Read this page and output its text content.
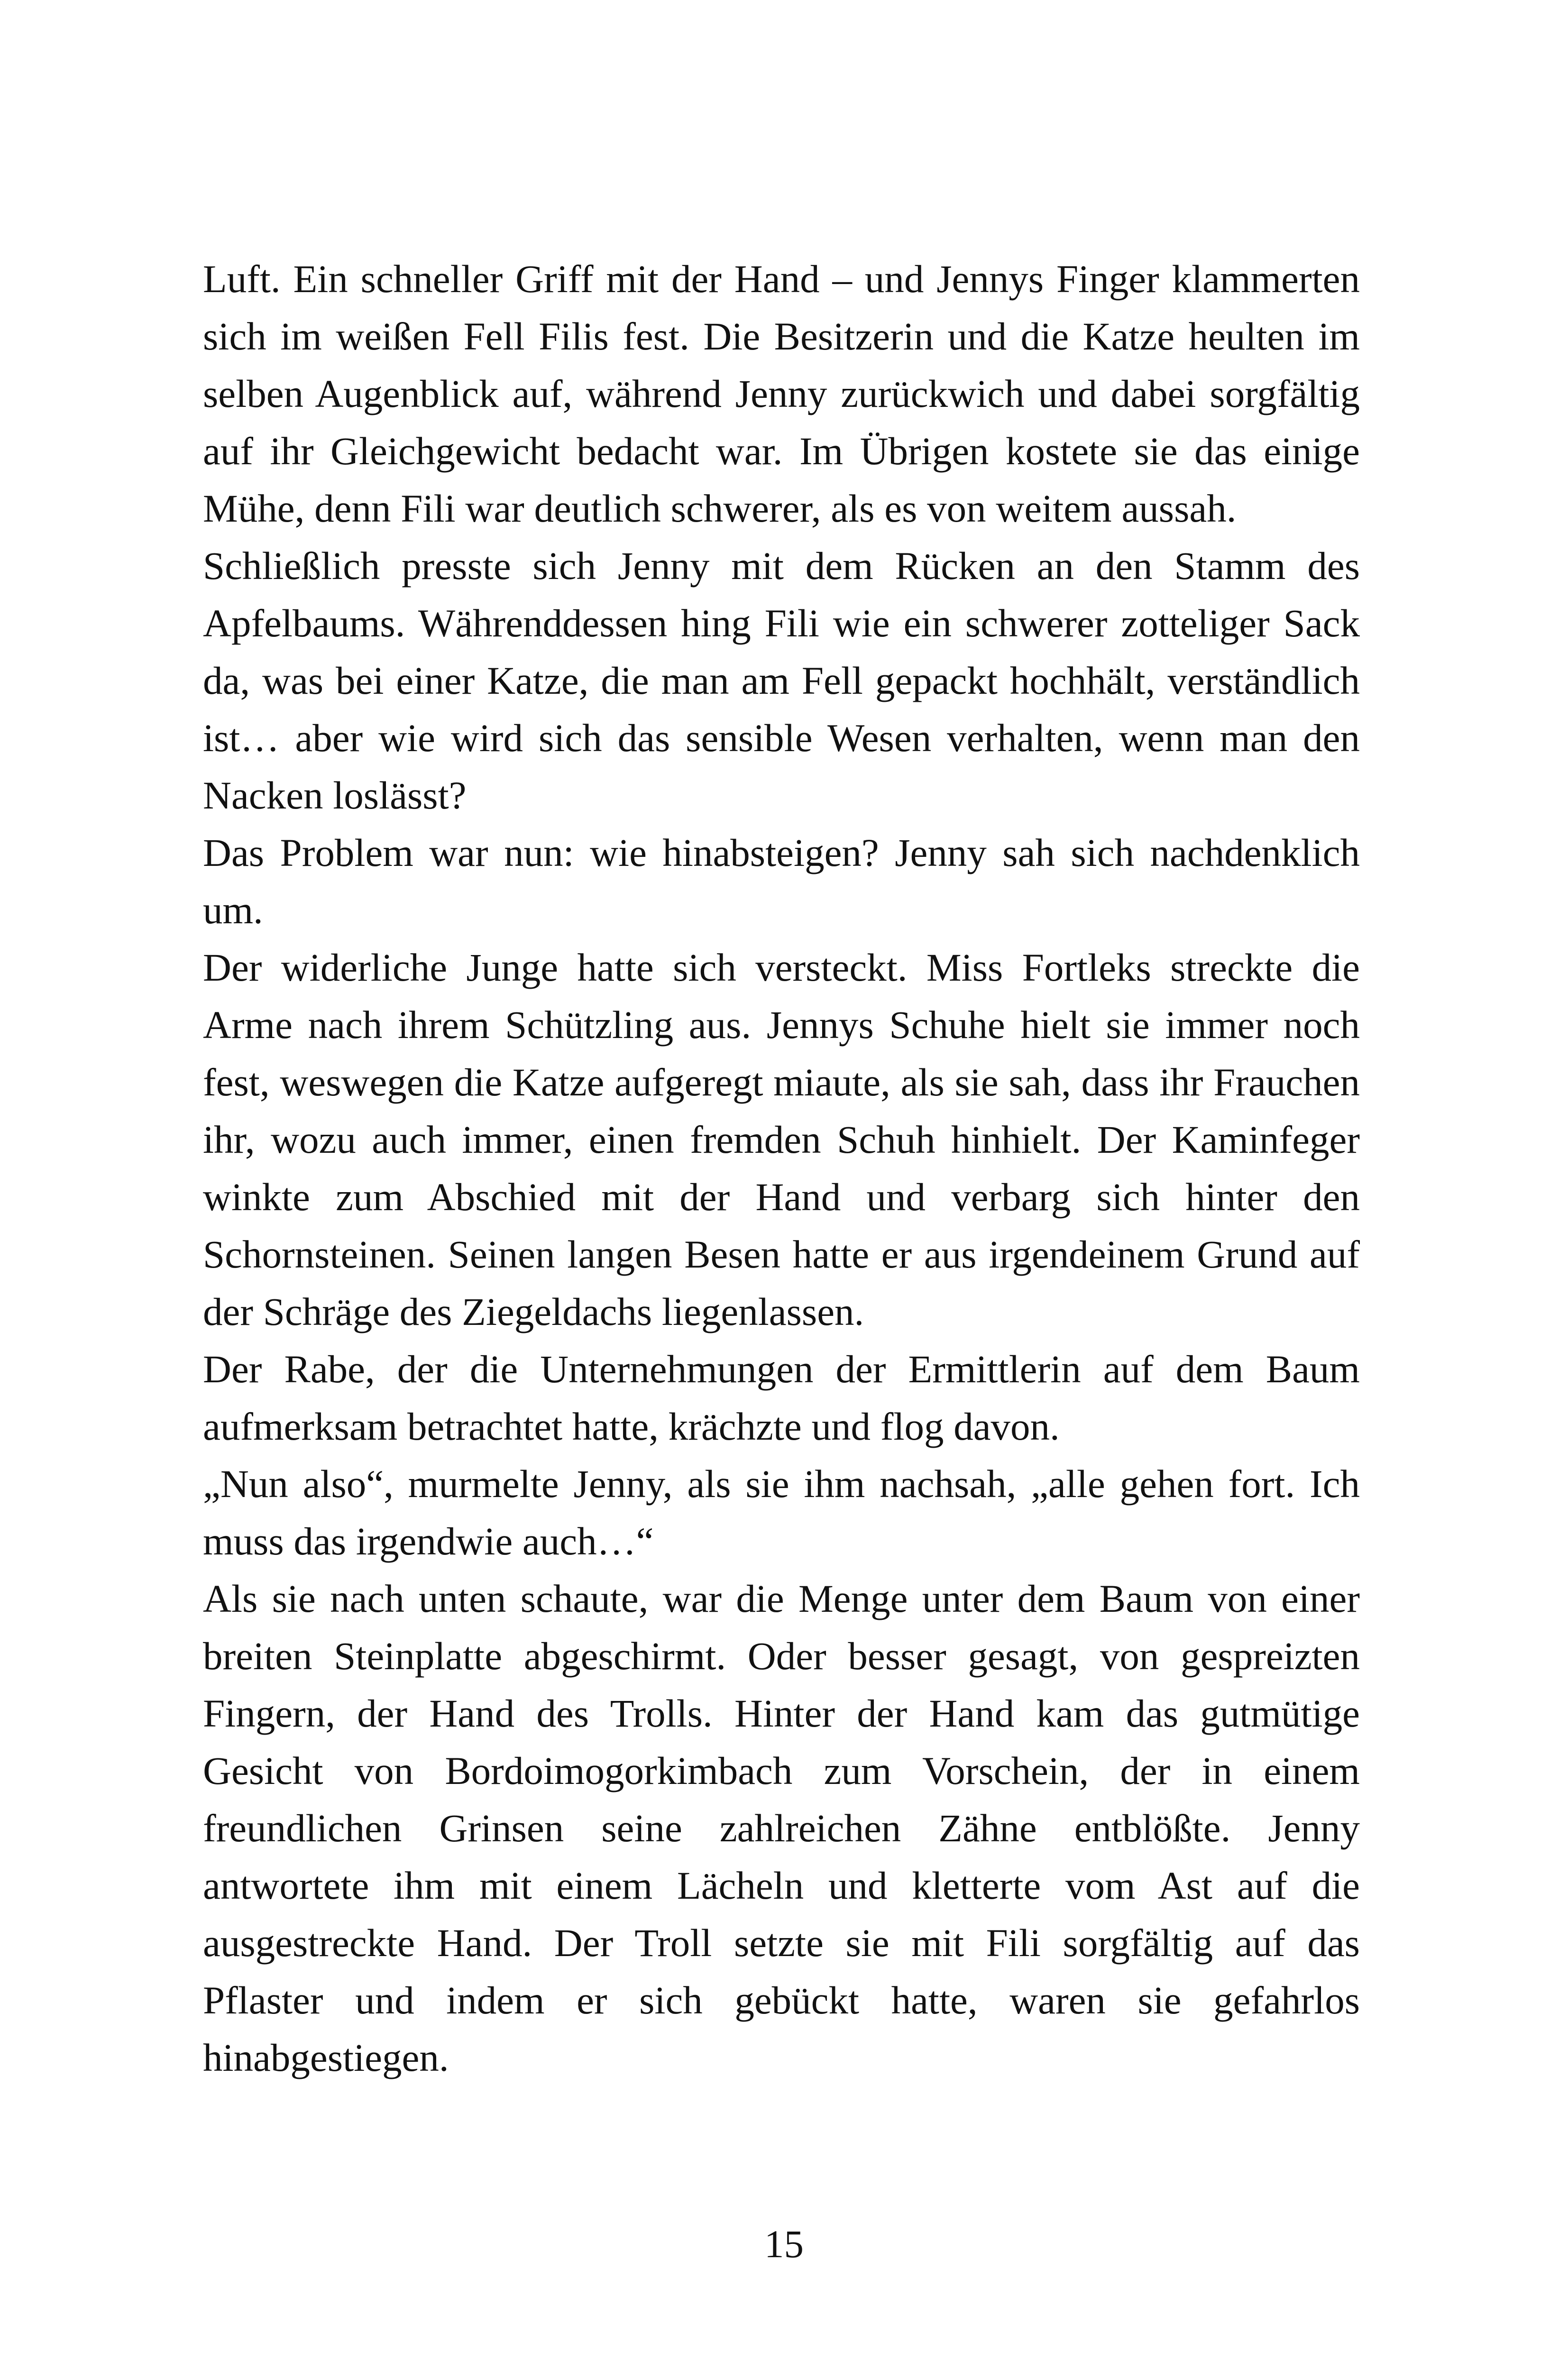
Luft. Ein schneller Griff mit der Hand – und Jennys Finger klammerten sich im weißen Fell Filis fest. Die Besitzerin und die Katze heulten im selben Augenblick auf, während Jenny zurückwich und dabei sorgfältig auf ihr Gleichgewicht bedacht war. Im Übrigen kostete sie das einige Mühe, denn Fili war deutlich schwerer, als es von weitem aussah.

Schließlich presste sich Jenny mit dem Rücken an den Stamm des Apfelbaums. Währenddessen hing Fili wie ein schwerer zotteliger Sack da, was bei einer Katze, die man am Fell gepackt hochhält, verständlich ist… aber wie wird sich das sensible Wesen verhalten, wenn man den Nacken loslässt?

Das Problem war nun: wie hinabsteigen? Jenny sah sich nachdenklich um.

Der widerliche Junge hatte sich versteckt. Miss Fortleks streckte die Arme nach ihrem Schützling aus. Jennys Schuhe hielt sie immer noch fest, weswegen die Katze aufgeregt miaute, als sie sah, dass ihr Frauchen ihr, wozu auch immer, einen fremden Schuh hinhielt. Der Kaminfeger winkte zum Abschied mit der Hand und verbarg sich hinter den Schornsteinen. Seinen langen Besen hatte er aus irgendeinem Grund auf der Schräge des Ziegeldachs liegenlassen.

Der Rabe, der die Unternehmungen der Ermittlerin auf dem Baum aufmerksam betrachtet hatte, krächzte und flog davon.

„Nun also“, murmelte Jenny, als sie ihm nachsah, „alle gehen fort. Ich muss das irgendwie auch…“

Als sie nach unten schaute, war die Menge unter dem Baum von einer breiten Steinplatte abgeschirmt. Oder besser gesagt, von gespreizten Fingern, der Hand des Trolls. Hinter der Hand kam das gutmütige Gesicht von Bordoimogorkimbach zum Vorschein, der in einem freundlichen Grinsen seine zahlreichen Zähne entblößte. Jenny antwortete ihm mit einem Lächeln und kletterte vom Ast auf die ausgestreckte Hand. Der Troll setzte sie mit Fili sorgfältig auf das Pflaster und indem er sich gebückt hatte, waren sie gefahrlos hinabgestiegen.

15
